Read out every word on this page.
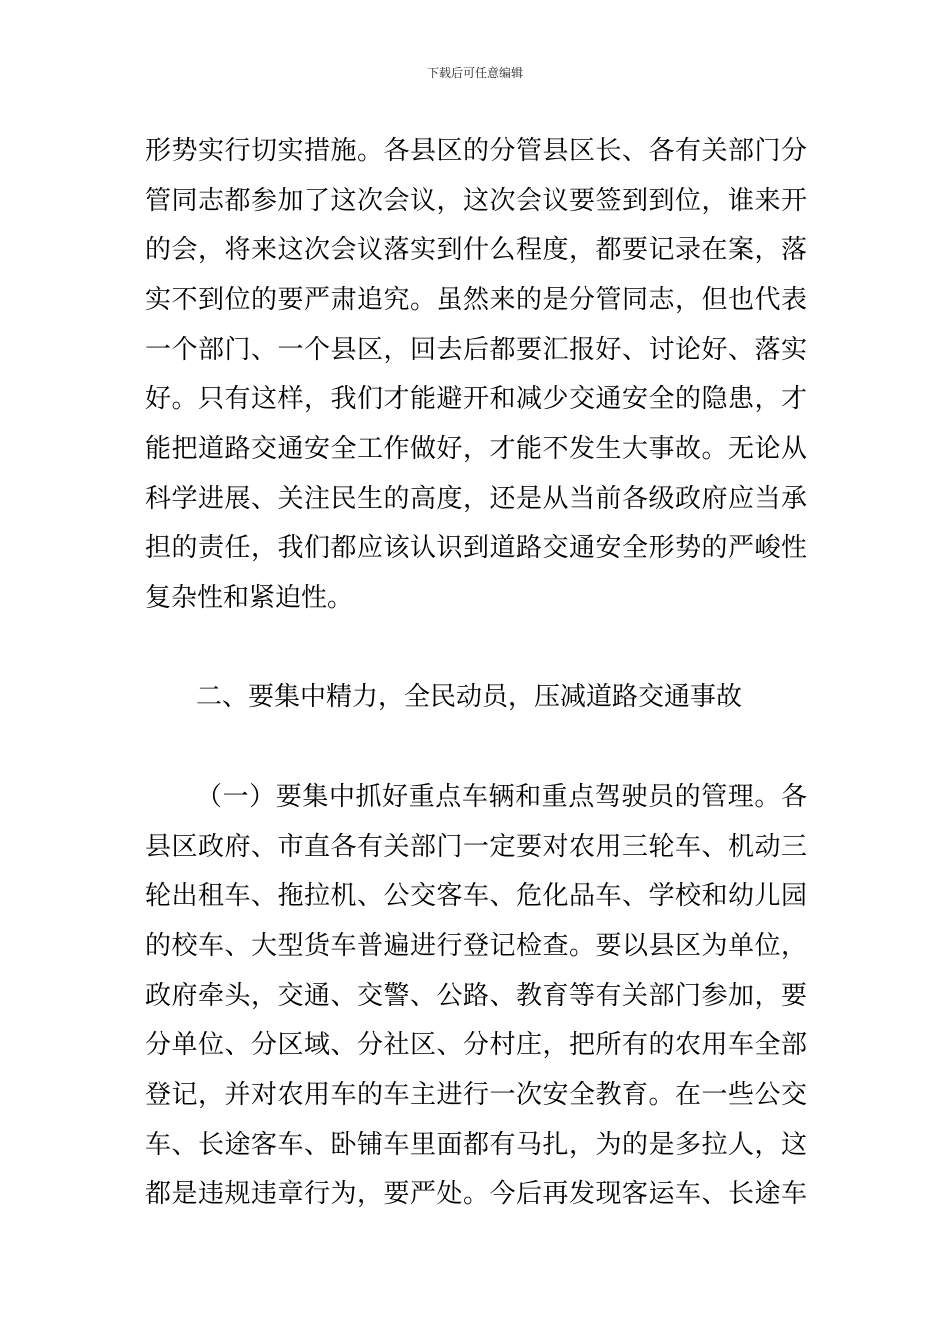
下载后可任意编辑
形势实行切实措施。各县区的分管县区长、各有关部门分
管同志都参加了这次会议，这次会议要签到到位，谁来开
的会，将来这次会议落实到什么程度，都要记录在案，落
实不到位的要严肃追究。虽然来的是分管同志，但也代表
一个部门、一个县区，回去后都要汇报好、讨论好、落实
好。只有这样，我们才能避开和减少交通安全的隐患，才
能把道路交通安全工作做好，才能不发生大事故。无论从
科学进展、关注民生的高度，还是从当前各级政府应当承
担的责任，我们都应该认识到道路交通安全形势的严峻性
复杂性和紧迫性。
二、要集中精力，全民动员，压减道路交通事故
（一）要集中抓好重点车辆和重点驾驶员的管理。各
县区政府、市直各有关部门一定要对农用三轮车、机动三
轮出租车、拖拉机、公交客车、危化品车、学校和幼儿园
的校车、大型货车普遍进行登记检查。要以县区为单位，
政府牵头，交通、交警、公路、教育等有关部门参加，要
分单位、分区域、分社区、分村庄，把所有的农用车全部
登记，并对农用车的车主进行一次安全教育。在一些公交
车、长途客车、卧铺车里面都有马扎，为的是多拉人，这
都是违规违章行为，要严处。今后再发现客运车、长途车
